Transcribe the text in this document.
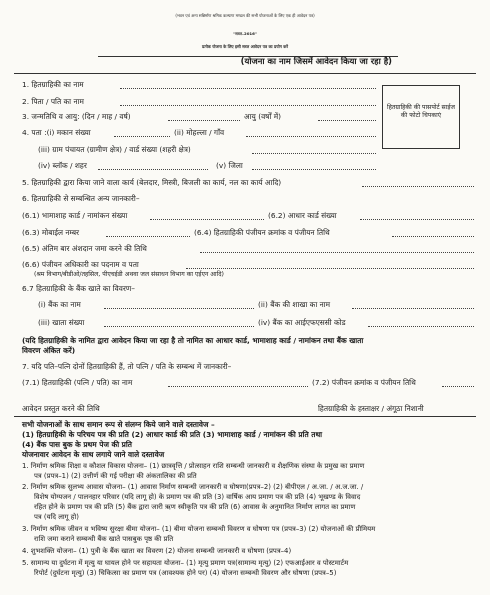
(भवन एवं अन्य सन्निर्माण श्रमिक कल्याण मण्डल की सभी योजनाओं के लिए एक ही आवेदन पत्र)
"सरल–2016"
प्रत्येक योजना के लिए इसी सरल आवेदन पत्र का प्रयोग करें
(योजना का नाम जिसमें आवेदन किया जा रहा है)
हितग्राहिकी की पासपोर्ट साईज की फोटो चिपकाएं
1. हितग्राहिकी का नाम
2. पिता / पति का नाम
3. जन्मतिथि व आयु: (दिन / माह / वर्ष)	आयु (वर्षों में)
4. पता :(i) मकान संख्या	(ii) मोहल्ला / गाँव
(iii) ग्राम पंचायत (ग्रामीण क्षेत्र) / वार्ड संख्या (शहरी क्षेत्र)
(iv) ब्लॉक / शहर	(v) जिला
5. हितग्राहिकी द्वारा किया जाने वाला कार्य (बेलदार, मिस्त्री, बिजली का कार्य, नल का कार्य आदि)
6. हितग्राहिकी से सम्बन्धित अन्य जानकारी–
(6.1) भामाशाह कार्ड / नामांकन संख्या	(6.2) आधार कार्ड संख्या
(6.3) मोबाईल नम्बर	(6.4) हितग्राहिकी पंजीयन क्रमांक व पंजीयन तिथि
(6.5) अंतिम बार अंशदान जमा करने की तिथि
(6.6) पंजीयन अधिकारी का पदनाम व पता
(श्रम विभाग/बीडीओ/तहसिल, पीएचईडी अथवा जल संसाधन विभाग का एईएन आदि)
6.7 हितग्राहिकी के बैंक खाते का विवरण–
(i) बैंक का नाम	(ii) बैंक की शाखा का नाम
(iii) खाता संख्या	(iv) बैंक का आईएफएससी कोड
(यदि हितग्राहिकी के नामित द्वारा आवेदन किया जा रहा है तो नामित का आधार कार्ड, भामाशाह कार्ड / नामांकन तथा बैंक खाता
विवरण अंकित करें)
7. यदि पति–पत्नि दोनों हितग्राहिकी हैं, तो पत्नि / पति के सम्बन्ध में जानकारी–
(7.1) हितग्राहिकी (पत्नि / पति) का नाम	(7.2) पंजीयन क्रमांक व पंजीयन तिथि
आवेदन प्रस्तुत करने की तिथि	हितग्राहिकी के हस्ताक्षर / अंगूठा निशानी
सभी योजनाओं के साथ समान रूप से संलग्न किये जाने वाले दस्तावेज –
(1) हितग्राहिकी के परिचय पत्र की प्रति (2) आधार कार्ड की प्रति (3) भामाशाह कार्ड / नामांकन की प्रति तथा
(4) बैंक पास बुक के प्रथम पेज की प्रति
योजनावार आवेदन के साथ लगाये जाने वाले दस्तावेज
1. निर्माण श्रमिक शिक्षा व कौशल विकास योजना– (1) छात्रवृत्ति / प्रोत्साहन राशि सम्बन्धी जानकारी व शैक्षणिक संस्था के प्रमुख का प्रमाण
पत्र (प्रपत्र–1) (2) उत्तीर्ण की गई परीक्षा की अंकतालिका की प्रति
2. निर्माण श्रमिक सुलभ्य आवास योजना– (1) आवास निर्माण सम्बन्धी जानकारी व घोषणा(प्रपत्र–2) (2) बीपीएल / अ.जा. / अ.ज.जा. /
विशेष योग्यजन / पालनहार परिवार (यदि लागू हो) के प्रमाण पत्र की प्रति (3) वार्षिक आय प्रमाण पत्र की प्रति (4) भूखण्ड के विवाद
रहित होने के प्रमाण पत्र की प्रति (5) बैंक द्वारा जारी ऋण स्वीकृति पत्र की प्रति (6) आवास के अनुमानित निर्माण लागत का प्रमाण
पत्र (यदि लागू हो)
3. निर्माण श्रमिक जीवन व भविष्य सुरक्षा बीमा योजना– (1) बीमा योजना सम्बन्धी विवरण व घोषणा पत्र (प्रपत्र–3) (2) योजनाओं की प्रीमियम
राशि जमा कराने सम्बन्धी बैंक खाते पासबुक पृष्ठ की प्रति
4. शुभशक्ति योजना– (1) पुत्री के बैंक खाता का विवरण (2) योजना सम्बन्धी जानकारी व घोषणा (प्रपत्र–4)
5. सामान्य या दुर्घटना में मृत्यु या घायल होने पर सहायता योजना– (1) मृत्यु प्रमाण पत्र(सामान्य मृत्यु) (2) एफआईआर व पोस्टमार्टम
रिपोर्ट (दुर्घटना मृत्यु) (3) चिकित्सा का प्रमाण पत्र (आवश्यक होने पर) (4) योजना सम्बन्धी विवरण और घोषणा (प्रपत्र–5)
